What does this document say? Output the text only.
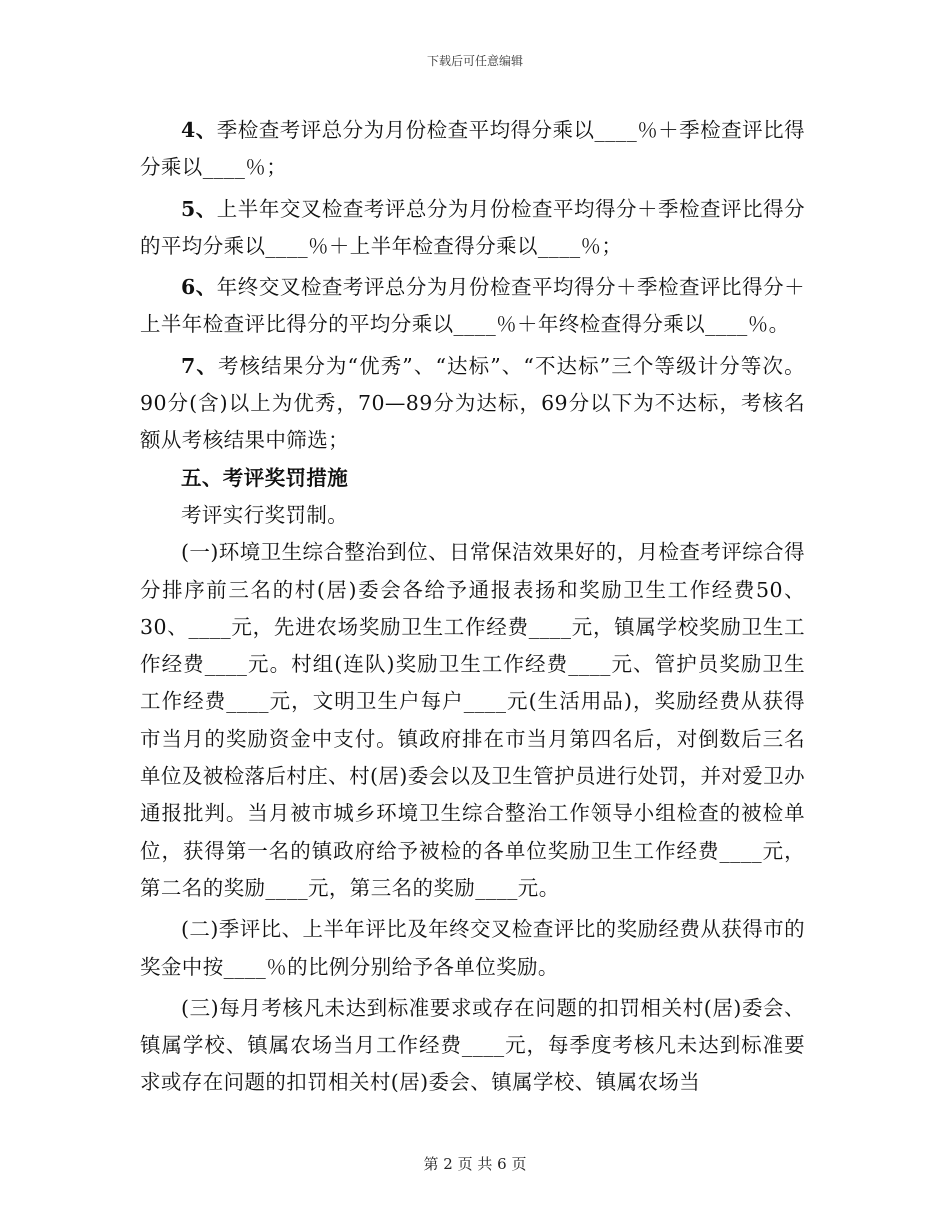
下载后可任意编辑

4、季检查考评总分为月份检查平均得分乘以____％＋季检查评比得分乘以____％；

5、上半年交叉检查考评总分为月份检查平均得分＋季检查评比得分的平均分乘以____％＋上半年检查得分乘以____％；

6、年终交叉检查考评总分为月份检查平均得分＋季检查评比得分＋上半年检查评比得分的平均分乘以____％＋年终检查得分乘以____％。

7、考核结果分为“优秀”、“达标”、“不达标”三个等级计分等次。90分(含)以上为优秀，70—89分为达标，69分以下为不达标，考核名额从考核结果中筛选；

五、考评奖罚措施

考评实行奖罚制。

(一)环境卫生综合整治到位、日常保洁效果好的，月检查考评综合得分排序前三名的村(居)委会各给予通报表扬和奖励卫生工作经费50、30、____元，先进农场奖励卫生工作经费____元，镇属学校奖励卫生工作经费____元。村组(连队)奖励卫生工作经费____元、管护员奖励卫生工作经费____元，文明卫生户每户____元(生活用品)，奖励经费从获得市当月的奖励资金中支付。镇政府排在市当月第四名后，对倒数后三名单位及被检落后村庄、村(居)委会以及卫生管护员进行处罚，并对爱卫办通报批判。当月被市城乡环境卫生综合整治工作领导小组检查的被检单位，获得第一名的镇政府给予被检的各单位奖励卫生工作经费____元，第二名的奖励____元，第三名的奖励____元。

(二)季评比、上半年评比及年终交叉检查评比的奖励经费从获得市的奖金中按____％的比例分别给予各单位奖励。

(三)每月考核凡未达到标准要求或存在问题的扣罚相关村(居)委会、镇属学校、镇属农场当月工作经费____元，每季度考核凡未达到标准要求或存在问题的扣罚相关村(居)委会、镇属学校、镇属农场当

第 2 页 共 6 页
